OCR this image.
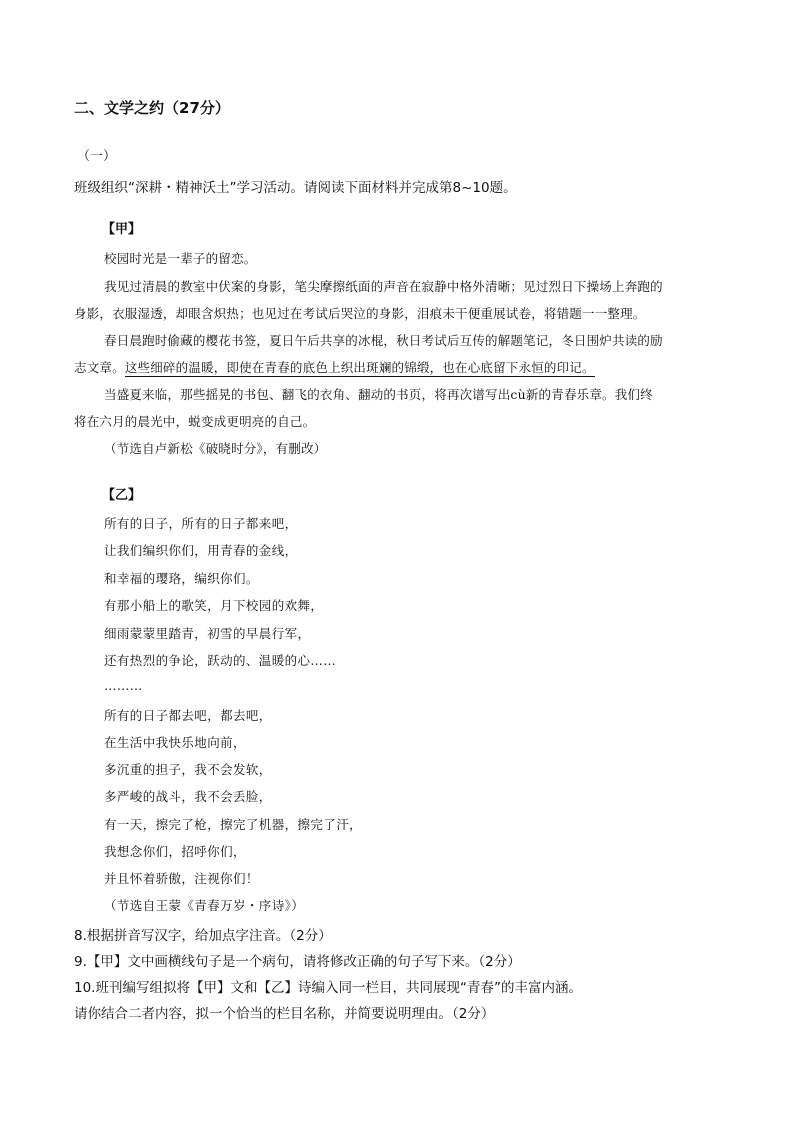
二、文学之约（27分）
（一）
班级组织“深耕・精神沃土”学习活动。请阅读下面材料并完成第8~10题。
【甲】
校园时光是一辈子的留恋。
我见过清晨的教室中伏案的身影，笔尖摩擦纸面的声音在寂静中格外清晰；见过烈日下操场上奔跑的
身影，衣服湿透，却眼含炽热；也见过在考试后哭泣的身影，泪痕未干便重展试卷，将错题一一整理。
春日晨跑时偷藏的樱花书签，夏日午后共享的冰棍，秋日考试后互传的解题笔记，冬日围炉共读的励
志文章。这些细碎的温暖，即使在青春的底色上织出斑斓的锦缎，也在心底留下永恒的印记。
当盛夏来临，那些摇晃的书包、翻飞的衣角、翻动的书页，将再次谱写出cù新的青春乐章。我们终
将在六月的晨光中，蜕变成更明亮的自己。
（节选自卢新松《破晓时分》，有删改）
【乙】
所有的日子，所有的日子都来吧，
让我们编织你们，用青春的金线，
和幸福的璎珞，编织你们。
有那小船上的歌笑，月下校园的欢舞，
细雨蒙蒙里踏青，初雪的早晨行军，
还有热烈的争论，跃动的、温暖的心……
………
所有的日子都去吧，都去吧，
在生活中我快乐地向前，
多沉重的担子，我不会发软，
多严峻的战斗，我不会丢脸，
有一天，擦完了枪，擦完了机器，擦完了汗，
我想念你们，招呼你们，
并且怀着骄傲，注视你们！
（节选自王蒙《青春万岁・序诗》）
8.根据拼音写汉字，给加点字注音。（2分）
9.【甲】文中画横线句子是一个病句，请将修改正确的句子写下来。（2分）
10.班刊编写组拟将【甲】文和【乙】诗编入同一栏目，共同展现“青春”的丰富内涵。
请你结合二者内容，拟一个恰当的栏目名称，并简要说明理由。（2分）
